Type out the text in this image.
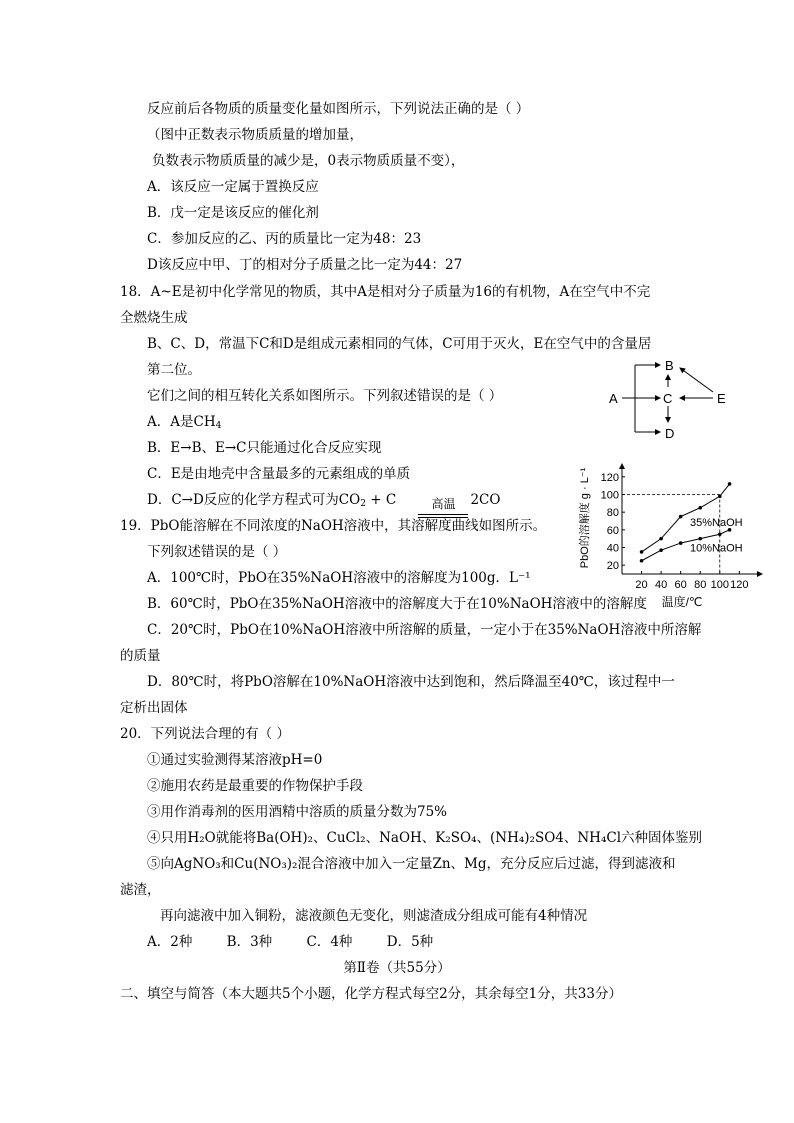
反应前后各物质的质量变化量如图所示，下列说法正确的是（ ）
（图中正数表示物质质量的增加量，
负数表示物质质量的减少是，0表示物质质量不变），
A．该反应一定属于置换反应
B．戊一定是该反应的催化剂
C．参加反应的乙、丙的质量比一定为48：23
D该反应中甲、丁的相对分子质量之比一定为44：27
18．A~E是初中化学常见的物质，其中A是相对分子质量为16的有机物，A在空气中不完
全燃烧生成
B、C、D，常温下C和D是组成元素相同的气体，C可用于灭火，E在空气中的含量居
第二位。
它们之间的相互转化关系如图所示。下列叙述错误的是（ ）
A．A是$CH_4$
B．E→B、E→C只能通过化合反应实现
C．E是由地壳中含量最多的元素组成的单质
D．C→D反应的化学方程式可为$CO_2 + C$	高温	2CO
B
A	C
D
E
19．PbO能溶解在不同浓度的NaOH溶液中，其溶解度曲线如图所示。
下列叙述错误的是（ ）
A．100℃时，PbO在35%NaOH溶液中的溶解度为100g．L⁻¹
B．60℃时，PbO在35%NaOH溶液中的溶解度大于在10%NaOH溶液中的溶解度
C．20℃时，PbO在10%NaOH溶液中所溶解的质量，一定小于在35%NaOH溶液中所溶解
的质量
D．80℃时，将PbO溶解在10%NaOH溶液中达到饱和，然后降温至40℃，该过程中一
定析出固体
20
40
60
80
100
120
20 40 60 80 100 120
35%NaOH
10%NaOH
温度/℃
PbO的溶解度 g · L⁻¹
20．下列说法合理的有（ ）
①通过实验测得某溶液pH=0
②施用农药是最重要的作物保护手段
③用作消毒剂的医用酒精中溶质的质量分数为75%
④只用H₂O就能将Ba(OH)₂、CuCl₂、NaOH、K₂SO₄、(NH₄)₂SO4、NH₄Cl六种固体鉴别
⑤向AgNO₃和Cu(NO₃)₂混合溶液中加入一定量Zn、Mg，充分反应后过滤，得到滤液和
滤渣，
再向滤液中加入铜粉，滤液颜色无变化，则滤渣成分组成可能有4种情况
A．2种        B．3种        C．4种        D．5种
第Ⅱ卷（共55分）
二、填空与简答（本大题共5个小题，化学方程式每空2分，其余每空1分，共33分）
